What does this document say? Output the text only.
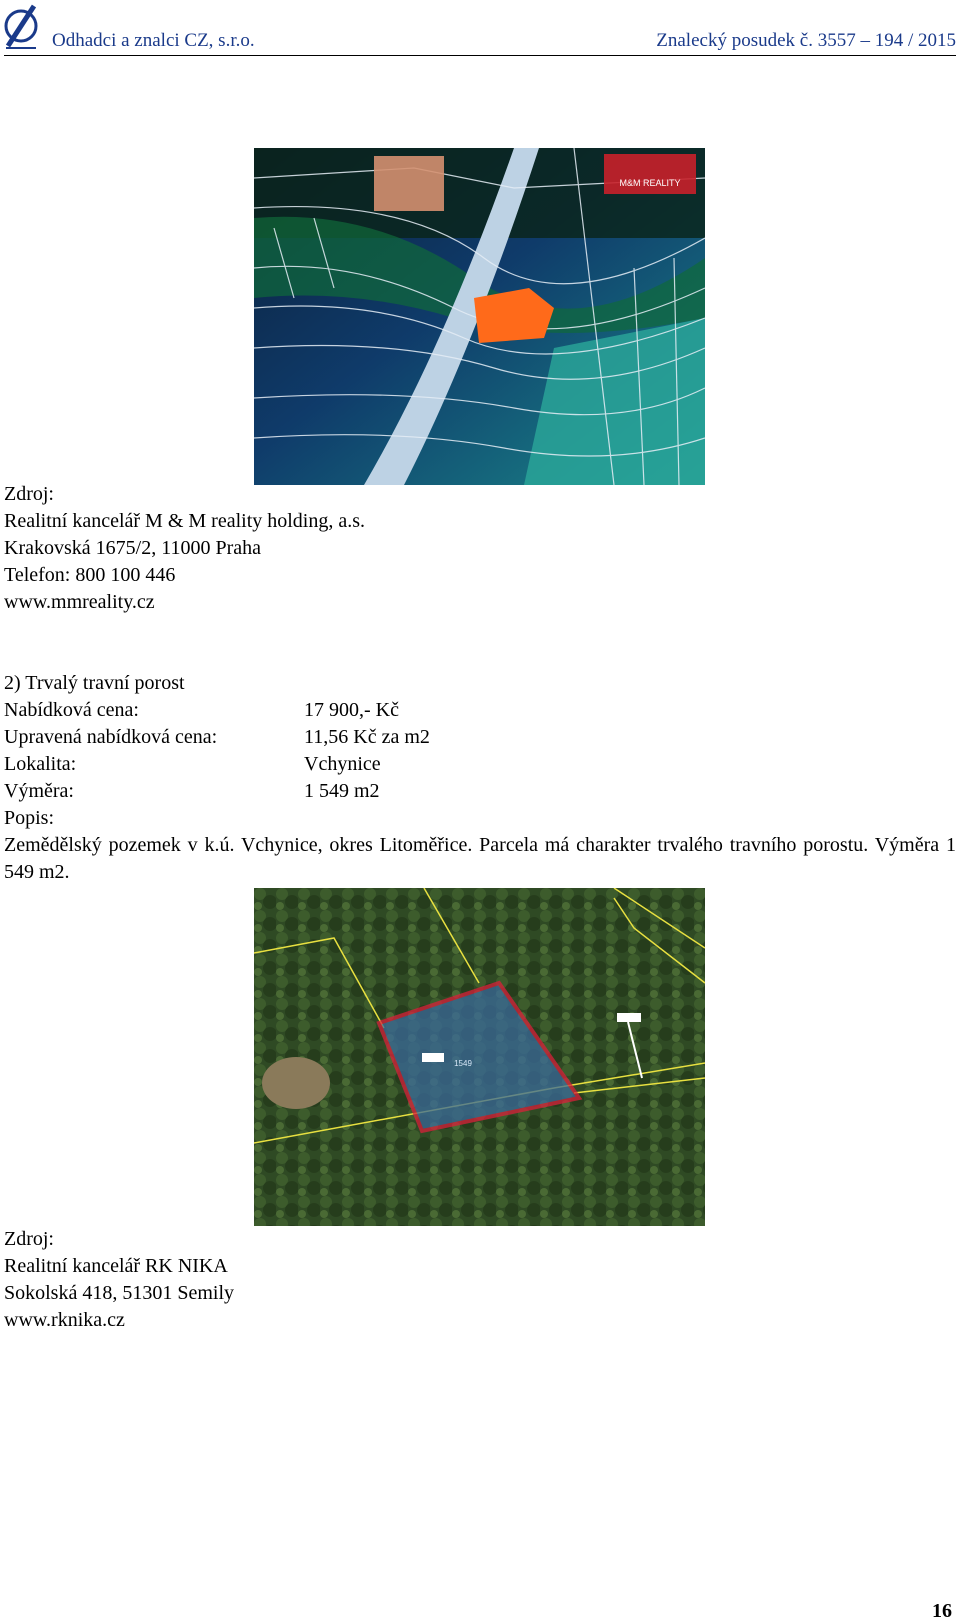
Odhadci a znalci CZ, s.r.o.	Znalecký posudek č. 3557 – 194 / 2015
M&M REALITY
Zdroj:
Realitní kancelář M & M reality holding, a.s.
Krakovská 1675/2, 11000 Praha
Telefon: 800 100 446
www.mmreality.cz
2) Trvalý travní porost
Nabídková cena:	17 900,- Kč
Upravená nabídková cena:	11,56 Kč za m2
Lokalita:	Vchynice
Výměra:	1 549 m2
Popis:
Zemědělský pozemek v k.ú. Vchynice, okres Litoměřice. Parcela má charakter trvalého travního porostu. Výměra 1 549 m2.
1549
Zdroj:
Realitní kancelář RK NIKA
Sokolská 418, 51301 Semily
www.rknika.cz
16
